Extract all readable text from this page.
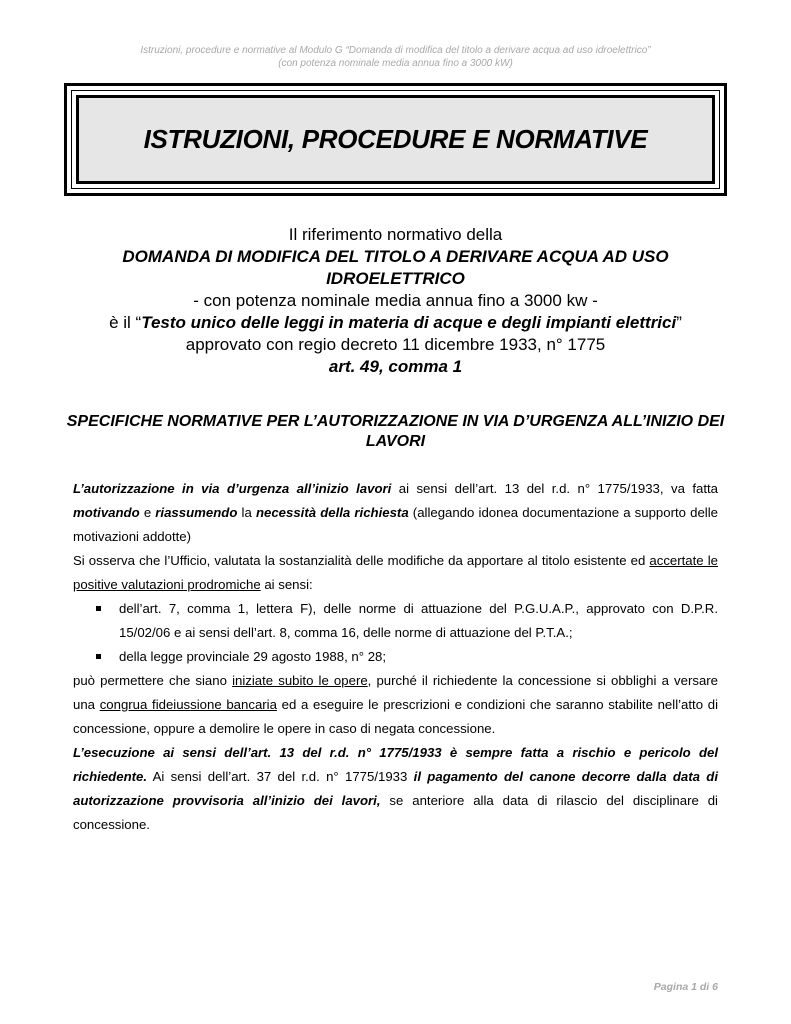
Istruzioni, procedure e normative al Modulo G “Domanda di modifica del titolo a derivare acqua ad uso idroelettrico”
(con potenza nominale media annua fino a 3000 kW)
ISTRUZIONI, PROCEDURE E NORMATIVE
Il riferimento normativo della
DOMANDA DI MODIFICA DEL TITOLO A DERIVARE ACQUA AD USO IDROELETTRICO
- con potenza nominale media annua fino a 3000 kw -
è il “Testo unico delle leggi in materia di acque e degli impianti elettrici”
approvato con regio decreto 11 dicembre 1933, n° 1775
art. 49, comma 1
SPECIFICHE NORMATIVE PER L’AUTORIZZAZIONE IN VIA D’URGENZA ALL’INIZIO DEI LAVORI

L’autorizzazione in via d’urgenza all’inizio lavori ai sensi dell’art. 13 del r.d. n° 1775/1933, va fatta motivando e riassumendo la necessità della richiesta (allegando idonea documentazione a supporto delle motivazioni addotte)

Si osserva che l’Ufficio, valutata la sostanzialità delle modifiche da apportare al titolo esistente ed accertate le positive valutazioni prodromiche ai sensi:

dell’art. 7, comma 1, lettera F), delle norme di attuazione del P.G.U.A.P., approvato con D.P.R. 15/02/06 e ai sensi dell’art. 8, comma 16, delle norme di attuazione del P.T.A.;
della legge provinciale 29 agosto 1988, n° 28;

può permettere che siano iniziate subito le opere, purché il richiedente la concessione si obblighi a versare una congrua fideiussione bancaria ed a eseguire le prescrizioni e condizioni che saranno stabilite nell’atto di concessione, oppure a demolire le opere in caso di negata concessione.

L’esecuzione ai sensi dell’art. 13 del r.d. n° 1775/1933 è sempre fatta a rischio e pericolo del richiedente. Ai sensi dell’art. 37 del r.d. n° 1775/1933 il pagamento del canone decorre dalla data di autorizzazione provvisoria all’inizio dei lavori, se anteriore alla data di rilascio del disciplinare di concessione.

Pagina 1 di 6
